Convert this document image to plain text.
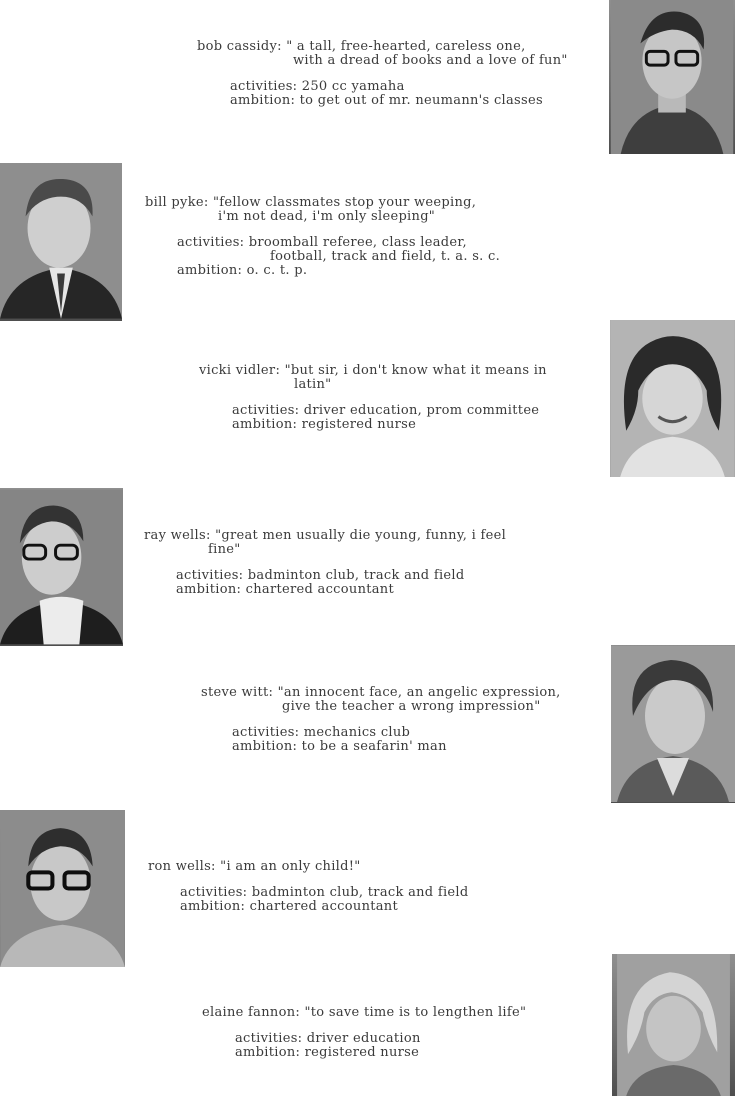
bob cassidy: " a tall, free-hearted, careless one,
with a dread of books and a love of fun"
activities: 250 cc yamaha
ambition: to get out of mr. neumann's classes
bill pyke: "fellow classmates stop your weeping,
i'm not dead, i'm only sleeping"
activities: broomball referee, class leader,
football, track and field, t. a. s. c.
ambition: o. c. t. p.
vicki vidler: "but sir, i don't know what it means in
latin"
activities: driver education, prom committee
ambition: registered nurse
ray wells: "great men usually die young, funny, i feel
fine"
activities: badminton club, track and field
ambition: chartered accountant
steve witt: "an innocent face, an angelic expression,
give the teacher a wrong impression"
activities: mechanics club
ambition: to be a seafarin' man
ron wells: "i am an only child!"
activities: badminton club, track and field
ambition: chartered accountant
elaine fannon: "to save time is to lengthen life"
activities: driver education
ambition: registered nurse
